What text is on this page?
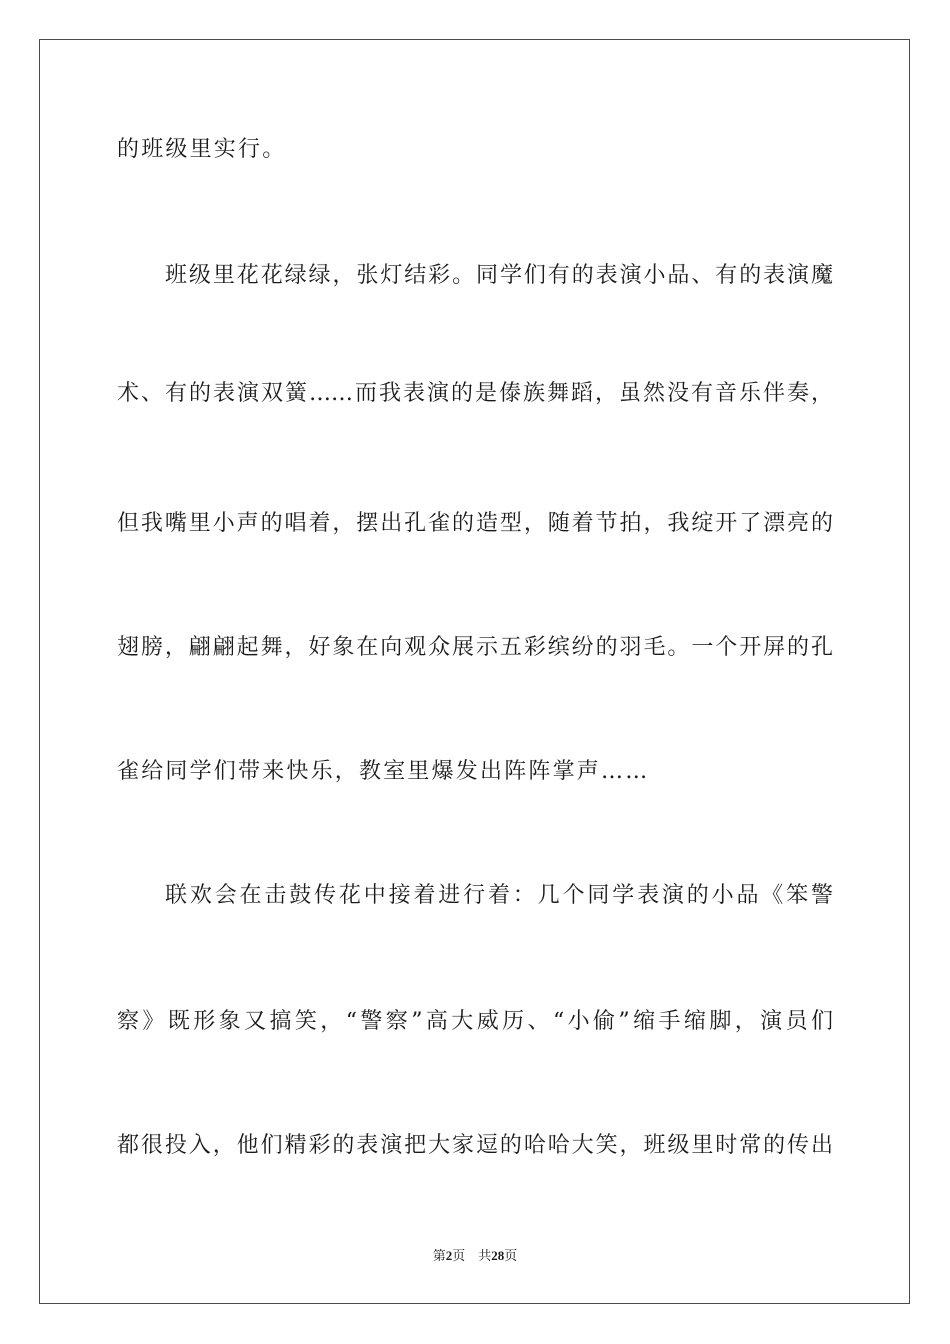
的班级里实行。
班级里花花绿绿，张灯结彩。同学们有的表演小品、有的表演魔
术、有的表演双簧……而我表演的是傣族舞蹈，虽然没有音乐伴奏，
但我嘴里小声的唱着，摆出孔雀的造型，随着节拍，我绽开了漂亮的
翅膀，翩翩起舞，好象在向观众展示五彩缤纷的羽毛。一个开屏的孔
雀给同学们带来快乐，教室里爆发出阵阵掌声……
联欢会在击鼓传花中接着进行着：几个同学表演的小品《笨警
察》既形象又搞笑，“警察”高大威历、“小偷”缩手缩脚，演员们
都很投入，他们精彩的表演把大家逗的哈哈大笑，班级里时常的传出
第2页 共28页
